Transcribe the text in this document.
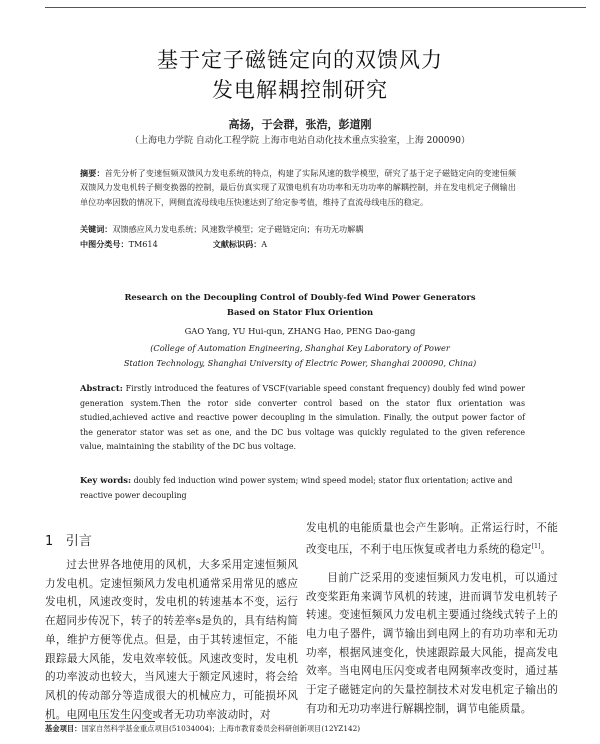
基于定子磁链定向的双馈风力
发电解耦控制研究
高扬，于会群，张浩，彭道刚
（上海电力学院 自动化工程学院 上海市电站自动化技术重点实验室，上海 200090）
摘要：首先分析了变速恒频双馈风力发电系统的特点，构建了实际风速的数学模型，研究了基于定子磁链定向的变速恒频双馈风力发电机转子侧变换器的控制，最后仿真实现了双馈电机有功功率和无功功率的解耦控制，并在发电机定子侧输出单位功率因数的情况下，网侧直流母线电压快速达到了给定参考值，维持了直流母线电压的稳定。
关键词：双馈感应风力发电系统；风速数学模型；定子磁链定向；有功无功解耦
中图分类号：TM614	文献标识码：A
Research on the Decoupling Control of Doubly-fed Wind Power Generators
Based on Stator Flux Oriention
GAO Yang, YU Hui-qun, ZHANG Hao, PENG Dao-gang
(College of Automation Engineering, Shanghai Key Laboratory of Power
Station Technology, Shanghai University of Electric Power, Shanghai 200090, China)
Abstract: Firstly introduced the features of VSCF(variable speed constant frequency) doubly fed wind power generation system.Then the rotor side converter control based on the stator flux orientation was studied,achieved active and reactive power decoupling in the simulation. Finally, the output power factor of the generator stator was set as one, and the DC bus voltage was quickly regulated to the given reference value, maintaining the stability of the DC bus voltage.
Key words: doubly fed induction wind power system; wind speed model; stator flux orientation; active and reactive power decoupling
1 引言

过去世界各地使用的风机，大多采用定速恒频风力发电机。定速恒频风力发电机通常采用常见的感应发电机，风速改变时，发电机的转速基本不变，运行在超同步传况下，转子的转差率s是负的，具有结构简单，维护方便等优点。但是，由于其转速恒定，不能跟踪最大风能，发电效率较低。风速改变时，发电机的功率波动也较大，当风速大于额定风速时，将会给风机的传动部分等造成很大的机械应力，可能损坏风机。电网电压发生闪变或者无功功率波动时，对

发电机的电能质量也会产生影响。正常运行时，不能改变电压，不利于电压恢复或者电力系统的稳定[1]。

目前广泛采用的变速恒频风力发电机，可以通过改变桨距角来调节风机的转速，进而调节发电机转子转速。变速恒频风力发电机主要通过绕线式转子上的电力电子器件，调节输出到电网上的有功功率和无功功率，根据风速变化，快速跟踪最大风能，提高发电效率。当电网电压闪变或者电网频率改变时，通过基于定子磁链定向的矢量控制技术对发电机定子输出的有功和无功功率进行解耦控制，调节电能质量。

基金项目：国家自然科学基金重点项目(51034004)；上海市教育委员会科研创新项目(12YZ142)
